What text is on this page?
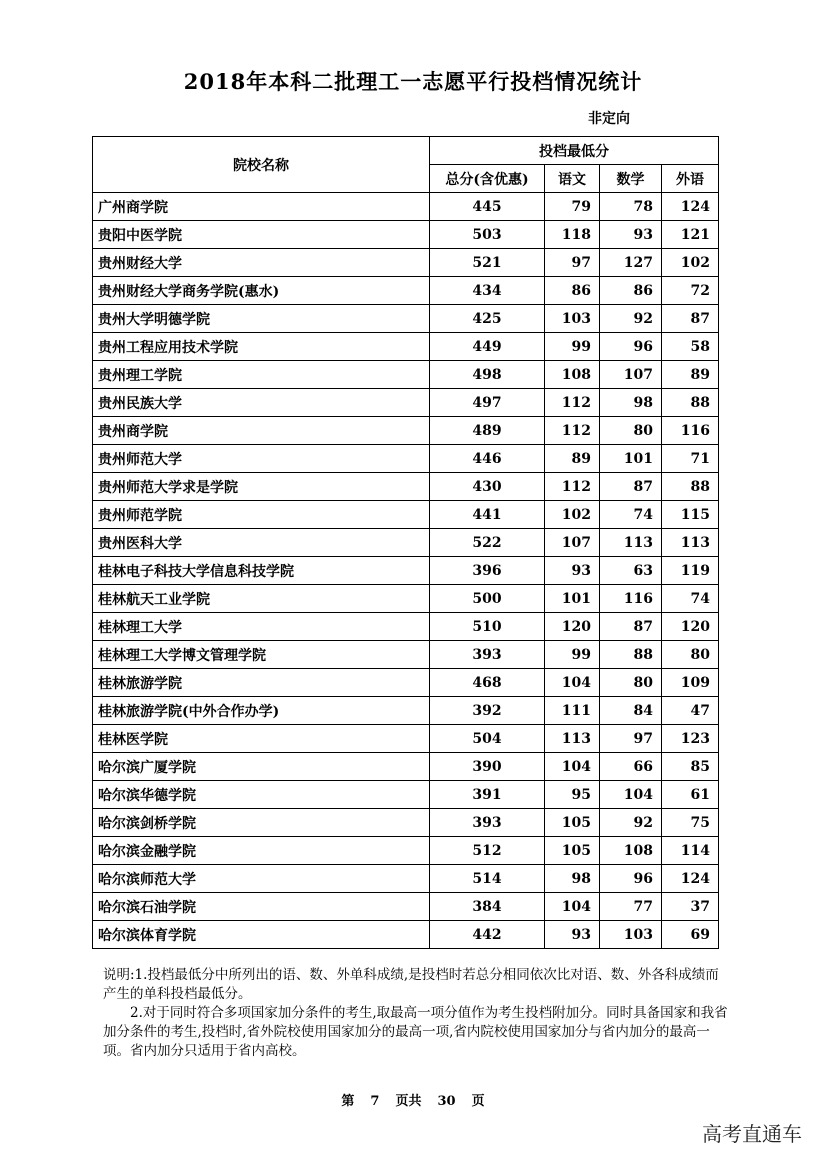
2018年本科二批理工一志愿平行投档情况统计
非定向
院校名称	投档最低分			
	总分(含优惠)	语文	数学	外语
广州商学院	445	79	78	124
贵阳中医学院	503	118	93	121
贵州财经大学	521	97	127	102
贵州财经大学商务学院(惠水)	434	86	86	72
贵州大学明德学院	425	103	92	87
贵州工程应用技术学院	449	99	96	58
贵州理工学院	498	108	107	89
贵州民族大学	497	112	98	88
贵州商学院	489	112	80	116
贵州师范大学	446	89	101	71
贵州师范大学求是学院	430	112	87	88
贵州师范学院	441	102	74	115
贵州医科大学	522	107	113	113
桂林电子科技大学信息科技学院	396	93	63	119
桂林航天工业学院	500	101	116	74
桂林理工大学	510	120	87	120
桂林理工大学博文管理学院	393	99	88	80
桂林旅游学院	468	104	80	109
桂林旅游学院(中外合作办学)	392	111	84	47
桂林医学院	504	113	97	123
哈尔滨广厦学院	390	104	66	85
哈尔滨华德学院	391	95	104	61
哈尔滨剑桥学院	393	105	92	75
哈尔滨金融学院	512	105	108	114
哈尔滨师范大学	514	98	96	124
哈尔滨石油学院	384	104	77	37
哈尔滨体育学院	442	93	103	69

说明:1.投档最低分中所列出的语、数、外单科成绩,是投档时若总分相同依次比对语、数、外各科成绩而产生的单科投档最低分。

2.对于同时符合多项国家加分条件的考生,取最高一项分值作为考生投档附加分。同时具备国家和我省加分条件的考生,投档时,省外院校使用国家加分的最高一项,省内院校使用国家加分与省内加分的最高一项。省内加分只适用于省内高校。

第 7 页共 30 页
高考直通车
